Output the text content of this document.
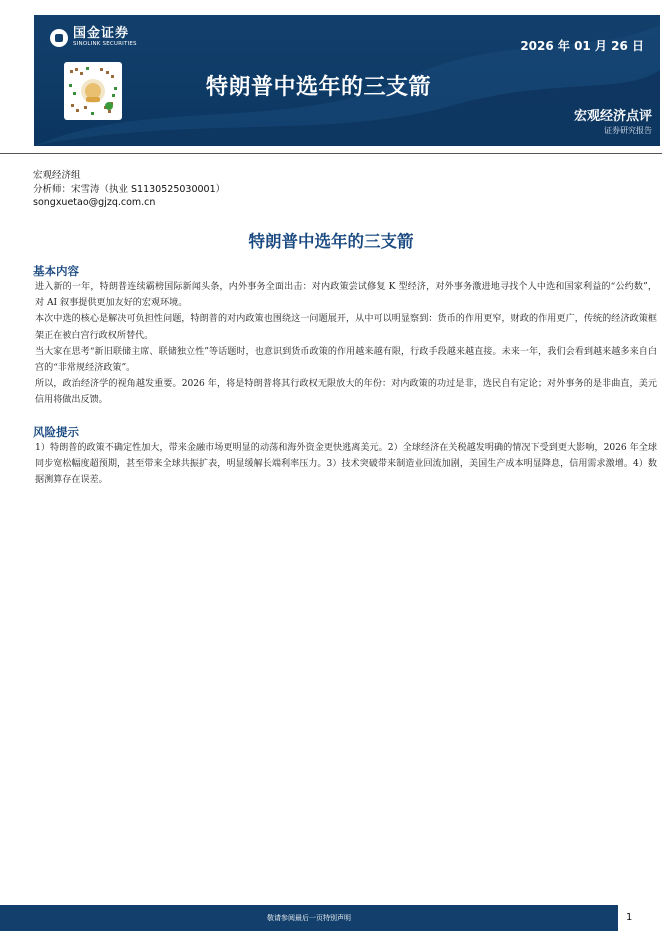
国金证券
SINOLINK SECURITIES
特朗普中选年的三支箭
2026 年 01 月 26 日
宏观经济点评
证券研究报告
宏观经济组
分析师：宋雪涛（执业 S1130525030001）
songxuetao@gjzq.com.cn
特朗普中选年的三支箭
基本内容

进入新的一年，特朗普连续霸榜国际新闻头条，内外事务全面出击：对内政策尝试修复 K 型经济，对外事务激进地寻找个人中选和国家利益的“公约数”，对 AI 叙事提供更加友好的宏观环境。

本次中选的核心是解决可负担性问题，特朗普的对内政策也围绕这一问题展开，从中可以明显察到：货币的作用更窄，财政的作用更广，传统的经济政策框架正在被白宫行政权所替代。

当大家在思考“新旧联储主席、联储独立性”等话题时，也意识到货币政策的作用越来越有限，行政手段越来越直接。未来一年，我们会看到越来越多来自白宫的“非常规经济政策”。

所以，政治经济学的视角越发重要。2026 年，将是特朗普将其行政权无限放大的年份：对内政策的功过是非，选民自有定论；对外事务的是非曲直，美元信用将做出反馈。

风险提示

1）特朗普的政策不确定性加大，带来金融市场更明显的动荡和海外资金更快逃离美元。2）全球经济在关税越发明确的情况下受到更大影响，2026 年全球同步宽松幅度超预期，甚至带来全球共振扩表，明显缓解长端利率压力。3）技术突破带来制造业回流加剧，美国生产成本明显降息，信用需求激增。4）数据测算存在误差。

敬请参阅最后一页特别声明	1
